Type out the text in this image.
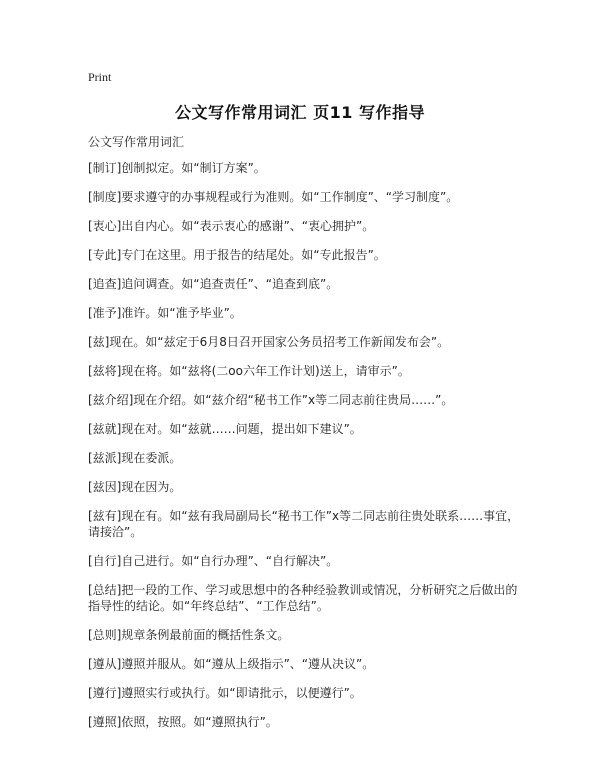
Print
公文写作常用词汇 页11 写作指导
公文写作常用词汇
[制订]创制拟定。如“制订方案”。
[制度]要求遵守的办事规程或行为准则。如“工作制度”、“学习制度”。
[衷心]出自内心。如“表示衷心的感谢”、“衷心拥护”。
[专此]专门在这里。用于报告的结尾处。如“专此报告”。
[追查]追问调查。如“追查责任”、“追查到底”。
[准予]准许。如“准予毕业”。
[兹]现在。如“兹定于6月8日召开国家公务员招考工作新闻发布会”。
[兹将]现在将。如“兹将(二oo六年工作计划)送上，请审示”。
[兹介绍]现在介绍。如“兹介绍“秘书工作”x等二同志前往贵局……”。
[兹就]现在对。如“兹就……问题，提出如下建议”。
[兹派]现在委派。
[兹因]现在因为。
[兹有]现在有。如“兹有我局副局长“秘书工作”x等二同志前往贵处联系……事宜，请接洽”。
[自行]自己进行。如“自行办理”、“自行解决”。
[总结]把一段的工作、学习或思想中的各种经验教训或情况，分析研究之后做出的指导性的结论。如“年终总结”、“工作总结”。
[总则]规章条例最前面的概括性条文。
[遵从]遵照并服从。如“遵从上级指示”、“遵从决议”。
[遵行]遵照实行或执行。如“即请批示，以便遵行”。
[遵照]依照，按照。如“遵照执行”。
